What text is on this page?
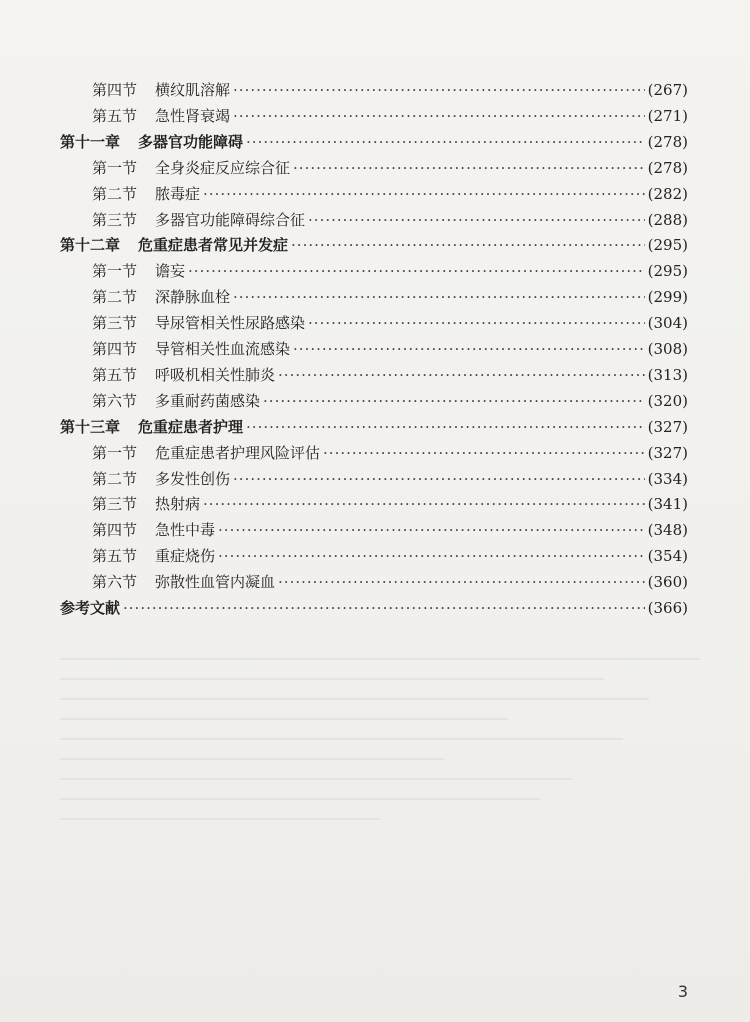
第四节 横纹肌溶解 ·····	(267)
第五节 急性肾衰竭 ·····	(271)
第十一章 多器官功能障碍 ·····	(278)
第一节 全身炎症反应综合征 ·····	(278)
第二节 脓毒症 ·····	(282)
第三节 多器官功能障碍综合征 ·····	(288)
第十二章 危重症患者常见并发症 ·····	(295)
第一节 谵妄 ·····	(295)
第二节 深静脉血栓 ·····	(299)
第三节 导尿管相关性尿路感染 ·····	(304)
第四节 导管相关性血流感染 ·····	(308)
第五节 呼吸机相关性肺炎 ·····	(313)
第六节 多重耐药菌感染 ·····	(320)
第十三章 危重症患者护理 ·····	(327)
第一节 危重症患者护理风险评估 ·····	(327)
第二节 多发性创伤 ·····	(334)
第三节 热射病 ·····	(341)
第四节 急性中毒 ·····	(348)
第五节 重症烧伤 ·····	(354)
第六节 弥散性血管内凝血 ·····	(360)
参考文献 ·····	(366)
3
